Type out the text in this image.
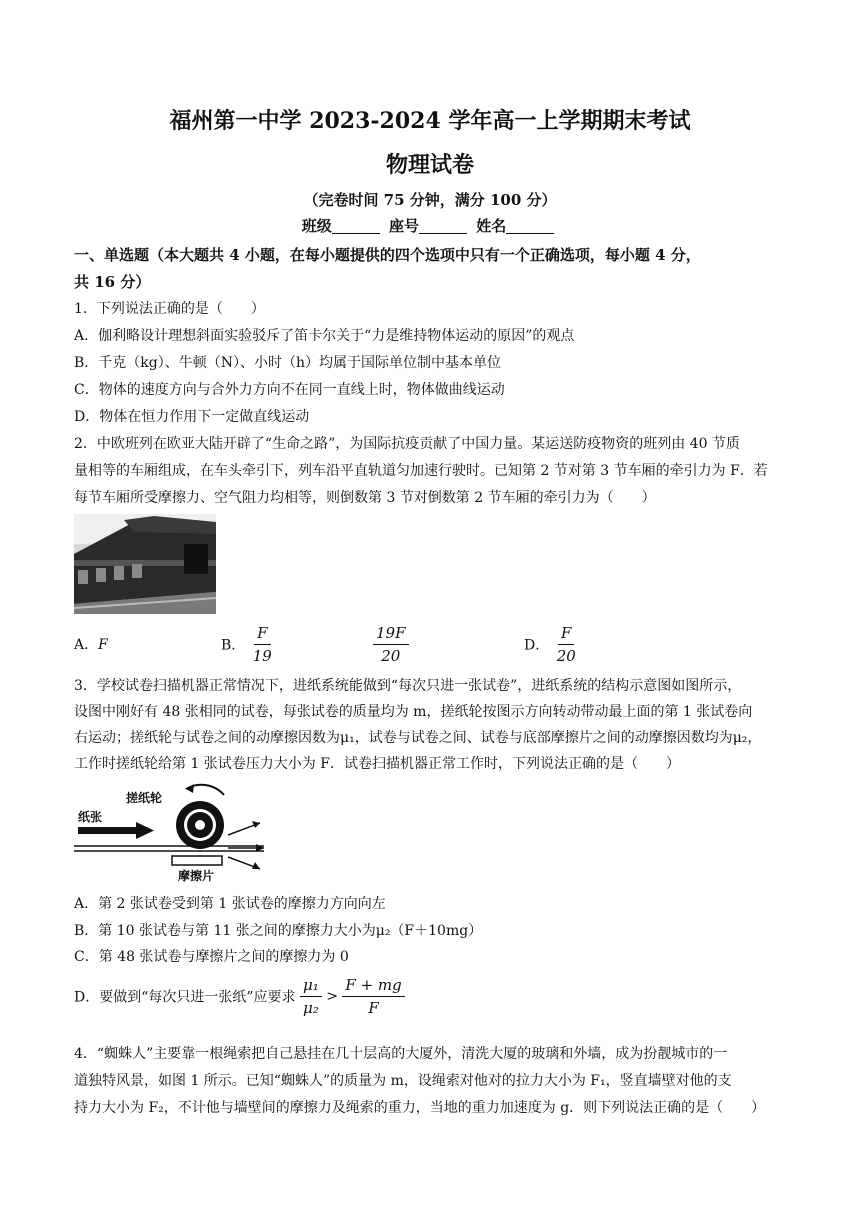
福州第一中学 2023-2024 学年高一上学期期末考试
物理试卷
（完卷时间 75 分钟，满分 100 分）
班级	座号	姓名
一、单选题（本大题共 4 小题，在每小题提供的四个选项中只有一个正确选项，每小题 4 分，
共 16 分）
1．下列说法正确的是（　　）
A．伽利略设计理想斜面实验驳斥了笛卡尔关于“力是维持物体运动的原因”的观点
B．千克（kg）、牛顿（N）、小时（h）均属于国际单位制中基本单位
C．物体的速度方向与合外力方向不在同一直线上时，物体做曲线运动
D．物体在恒力作用下一定做直线运动
2．中欧班列在欧亚大陆开辟了“生命之路”，为国际抗疫贡献了中国力量。某运送防疫物资的班列由 40 节质
量相等的车厢组成，在车头牵引下，列车沿平直轨道匀加速行驶时。已知第 2 节对第 3 节车厢的牵引力为 F．若
每节车厢所受摩擦力、空气阻力均相等，则倒数第 3 节对倒数第 2 节车厢的牵引力为（　　）
A．F	B． $\frac{F}{19}$	$\frac{19F}{20}$	D． $\frac{F}{20}$
3．学校试卷扫描机器正常情况下，进纸系统能做到“每次只进一张试卷”，进纸系统的结构示意图如图所示，
设图中刚好有 48 张相同的试卷，每张试卷的质量均为 m，搓纸轮按图示方向转动带动最上面的第 1 张试卷向
右运动；搓纸轮与试卷之间的动摩擦因数为μ₁，试卷与试卷之间、试卷与底部摩擦片之间的动摩擦因数均为μ₂，
工作时搓纸轮给第 1 张试卷压力大小为 F．试卷扫描机器正常工作时，下列说法正确的是（　　）
搓纸轮
纸张
摩擦片
A．第 2 张试卷受到第 1 张试卷的摩擦力方向向左
B．第 10 张试卷与第 11 张之间的摩擦力大小为μ₂（F＋10mg）
C．第 48 张试卷与摩擦片之间的摩擦力为 0
D．要做到“每次只进一张纸”应要求 $\frac{\text{μ₁}}{\text{μ₂}} > \frac{F + mg}{F}$
4．“蜘蛛人”主要靠一根绳索把自己悬挂在几十层高的大厦外，清洗大厦的玻璃和外墙，成为扮靓城市的一
道独特风景，如图 1 所示。已知“蜘蛛人”的质量为 m，设绳索对他对的拉力大小为 F₁，竖直墙壁对他的支
持力大小为 F₂，不计他与墙壁间的摩擦力及绳索的重力，当地的重力加速度为 g．则下列说法正确的是（　　）
